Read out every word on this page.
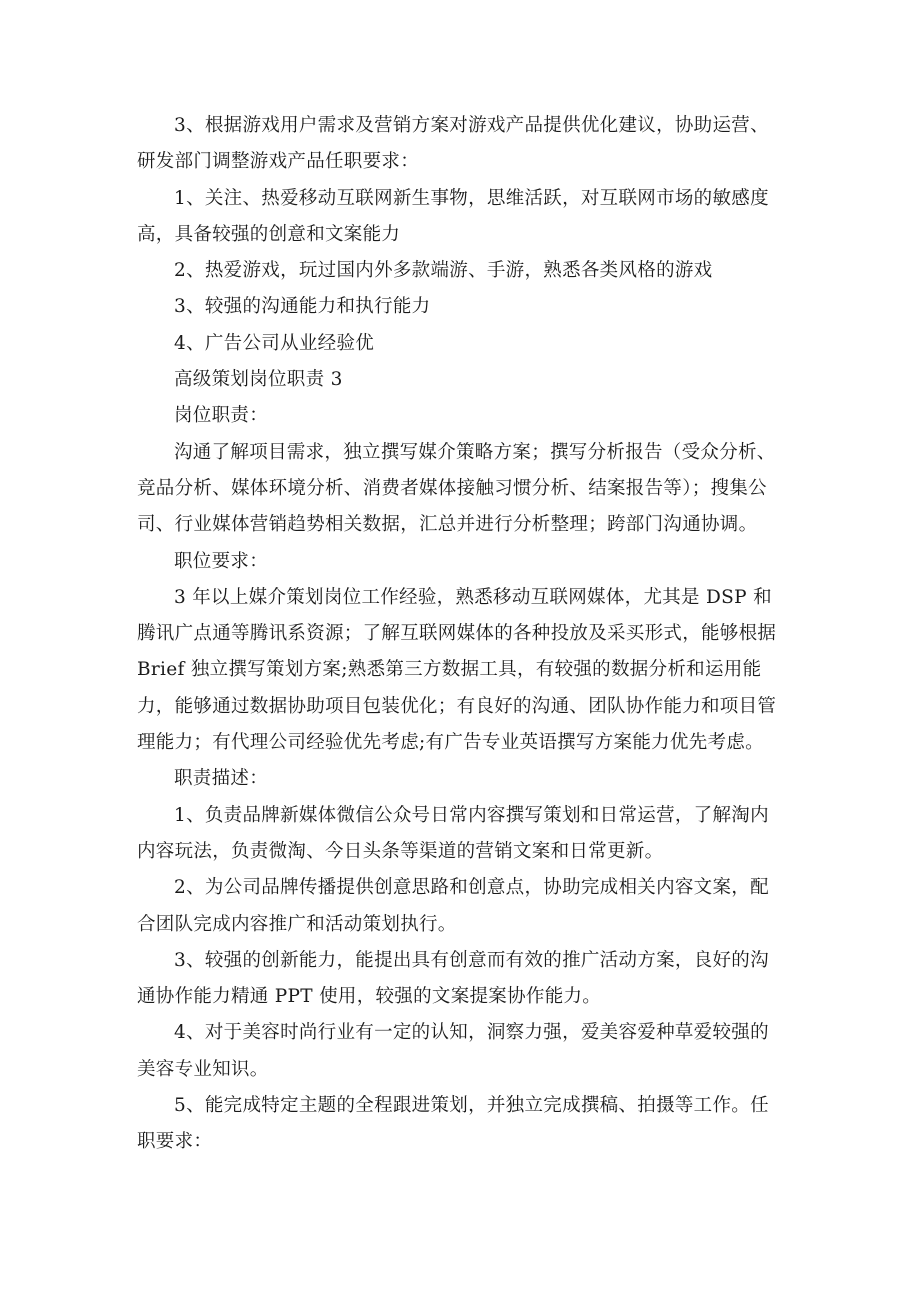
3、根据游戏用户需求及营销方案对游戏产品提供优化建议，协助运营、研发部门调整游戏产品任职要求：

1、关注、热爱移动互联网新生事物，思维活跃，对互联网市场的敏感度高，具备较强的创意和文案能力

2、热爱游戏，玩过国内外多款端游、手游，熟悉各类风格的游戏

3、较强的沟通能力和执行能力

4、广告公司从业经验优

高级策划岗位职责 3

岗位职责：

沟通了解项目需求，独立撰写媒介策略方案；撰写分析报告（受众分析、竞品分析、媒体环境分析、消费者媒体接触习惯分析、结案报告等）；搜集公司、行业媒体营销趋势相关数据，汇总并进行分析整理；跨部门沟通协调。

职位要求：

3 年以上媒介策划岗位工作经验，熟悉移动互联网媒体，尤其是 DSP 和腾讯广点通等腾讯系资源；了解互联网媒体的各种投放及采买形式，能够根据 Brief 独立撰写策划方案;熟悉第三方数据工具，有较强的数据分析和运用能力，能够通过数据协助项目包装优化；有良好的沟通、团队协作能力和项目管理能力；有代理公司经验优先考虑;有广告专业英语撰写方案能力优先考虑。

职责描述：

1、负责品牌新媒体微信公众号日常内容撰写策划和日常运营，了解淘内内容玩法，负责微淘、今日头条等渠道的营销文案和日常更新。

2、为公司品牌传播提供创意思路和创意点，协助完成相关内容文案，配合团队完成内容推广和活动策划执行。

3、较强的创新能力，能提出具有创意而有效的推广活动方案，良好的沟通协作能力精通 PPT 使用，较强的文案提案协作能力。

4、对于美容时尚行业有一定的认知，洞察力强，爱美容爱种草爱较强的美容专业知识。

5、能完成特定主题的全程跟进策划，并独立完成撰稿、拍摄等工作。任职要求：
